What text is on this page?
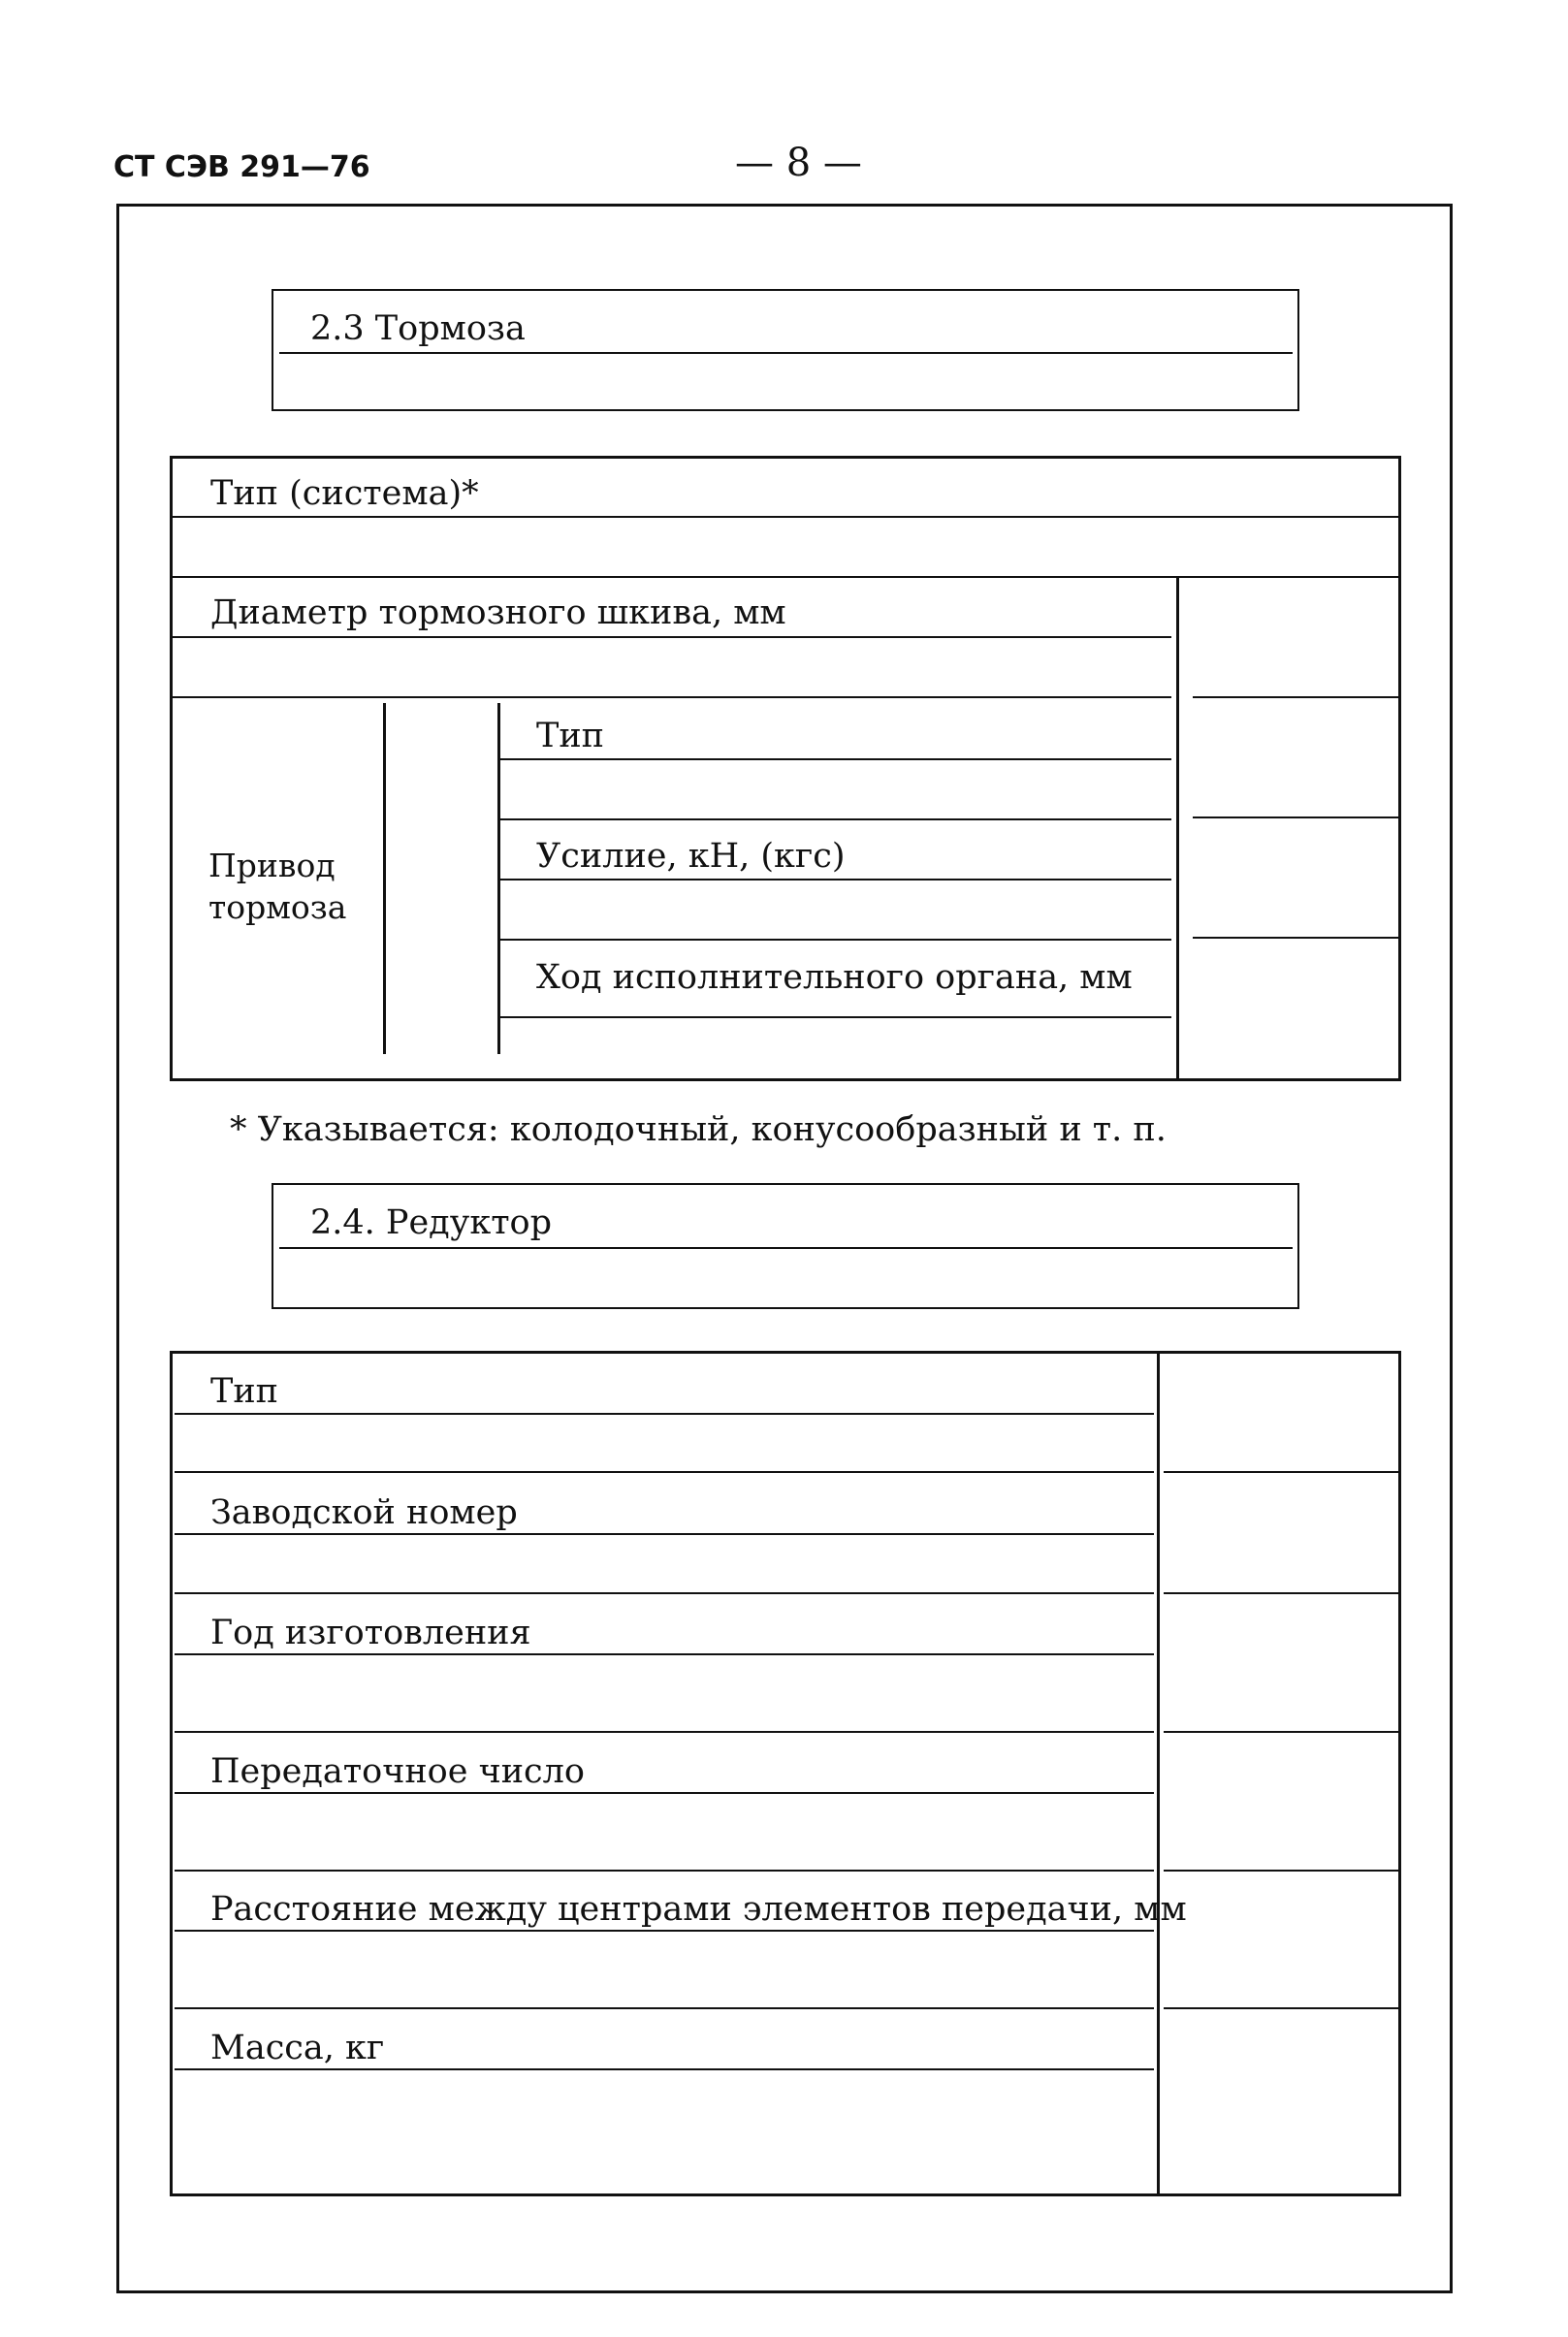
СТ СЭВ 291—76	— 8 —
2.3 Тормоза
Тип (система)*
Диаметр тормозного шкива, мм
Привод тормоза
Тип
Усилие, кН, (кгс)
Ход исполнительного органа, мм
* Указывается: колодочный, конусообразный и т. п.
2.4. Редуктор
Тип
Заводской номер
Год изготовления
Передаточное число
Расстояние между центрами элементов передачи, мм
Масса, кг
